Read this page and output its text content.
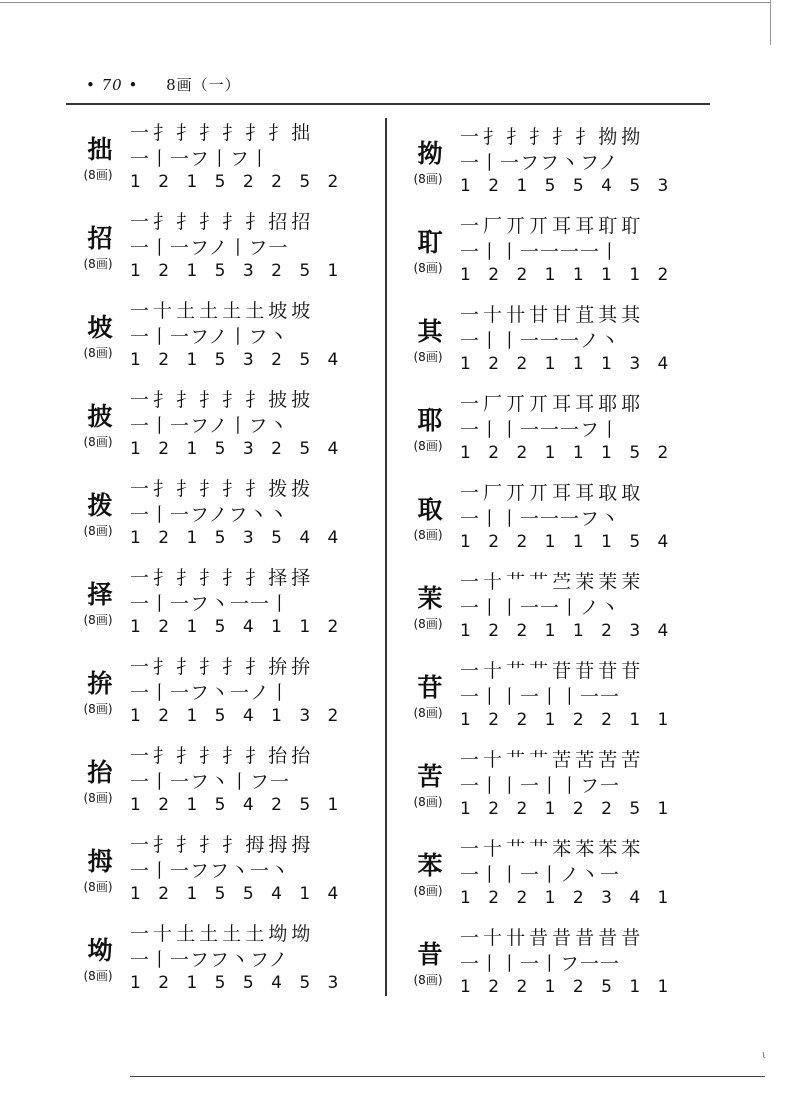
• 70 • 8画（一）
ι
拙
(8画)
一 扌 扌 扌 扌 扌 扌 拙
一丨一フ丨フ丨
1 2 1 5 2 2 5 2
招
(8画)
一 扌 扌 扌 扌 扌 招 招
一丨一フノ丨フ一
1 2 1 5 3 2 5 1
坡
(8画)
一 十 土 土 土 土 坡 坡
一丨一フノ丨フ丶
1 2 1 5 3 2 5 4
披
(8画)
一 扌 扌 扌 扌 扌 披 披
一丨一フノ丨フ丶
1 2 1 5 3 2 5 4
拨
(8画)
一 扌 扌 扌 扌 扌 拨 拨
一丨一フノフ丶丶
1 2 1 5 3 5 4 4
择
(8画)
一 扌 扌 扌 扌 扌 择 择
一丨一フ丶一一丨
1 2 1 5 4 1 1 2
拚
(8画)
一 扌 扌 扌 扌 扌 拚 拚
一丨一フ丶一ノ丨
1 2 1 5 4 1 3 2
抬
(8画)
一 扌 扌 扌 扌 扌 抬 抬
一丨一フ丶丨フ一
1 2 1 5 4 2 5 1
拇
(8画)
一 扌 扌 扌 扌 拇 拇 拇
一丨一フフ丶一丶
1 2 1 5 5 4 1 4
坳
(8画)
一 十 土 土 土 土 坳 坳
一丨一フフ丶フノ
1 2 1 5 5 4 5 3
拗
(8画)
一 扌 扌 扌 扌 扌 拗 拗
一丨一フフ丶フノ
1 2 1 5 5 4 5 3
耵
(8画)
一 厂 丌 丌 耳 耳 耵 耵
一丨丨一一一一丨
1 2 2 1 1 1 1 2
其
(8画)
一 十 卄 甘 甘 苴 其 其
一丨丨一一一ノ丶
1 2 2 1 1 1 3 4
耶
(8画)
一 厂 丌 丌 耳 耳 耶 耶
一丨丨一一一フ丨
1 2 2 1 1 1 5 2
取
(8画)
一 厂 丌 丌 耳 耳 取 取
一丨丨一一一フ丶
1 2 2 1 1 1 5 4
茉
(8画)
一 十 艹 艹 苎 茉 茉 茉
一丨丨一一丨ノ丶
1 2 2 1 1 2 3 4
苷
(8画)
一 十 艹 艹 苷 苷 苷 苷
一丨丨一丨丨一一
1 2 2 1 2 2 1 1
苦
(8画)
一 十 艹 艹 苦 苦 苦 苦
一丨丨一丨丨フ一
1 2 2 1 2 2 5 1
苯
(8画)
一 十 艹 艹 苯 苯 苯 苯
一丨丨一丨ノ丶一
1 2 2 1 2 3 4 1
昔
(8画)
一 十 卄 昔 昔 昔 昔 昔
一丨丨一丨フ一一
1 2 2 1 2 5 1 1
